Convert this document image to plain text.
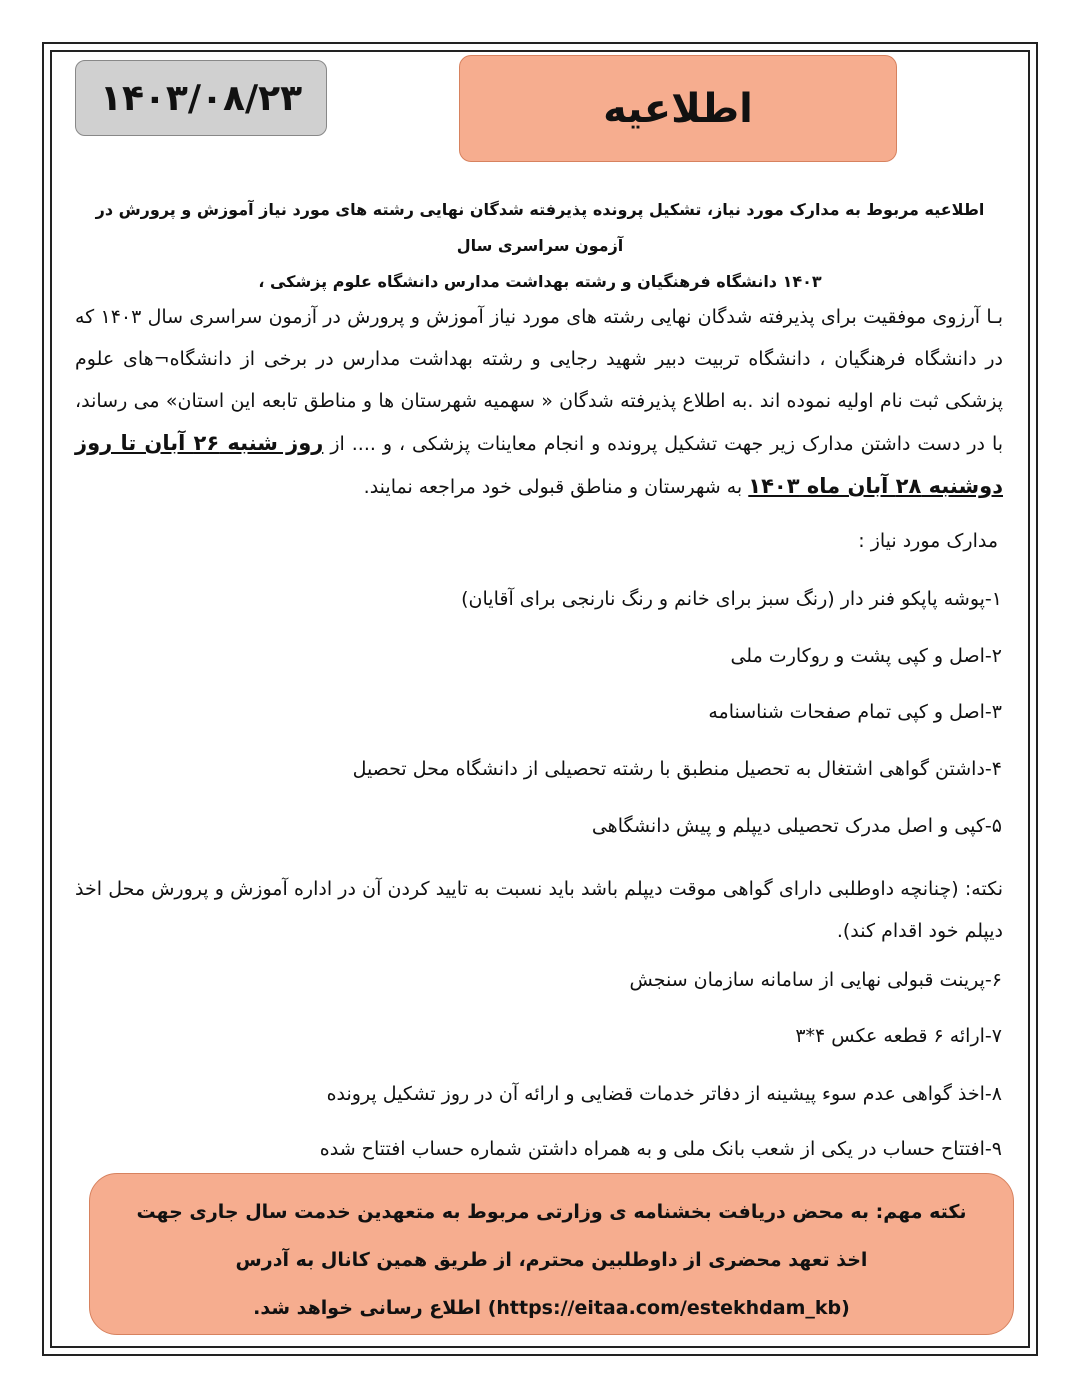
۱۴۰۳/۰۸/۲۳	اطلاعیه
اطلاعیه مربوط به مدارک مورد نیاز، تشکیل پرونده پذیرفته شدگان نهایی رشته های مورد نیاز آموزش و پرورش در آزمون سراسری سال
۱۴۰۳ دانشگاه فرهنگیان و رشته بهداشت مدارس دانشگاه علوم پزشکی ،
بـا آرزوی موفقیت برای پذیرفته شدگان نهایی رشته های مورد نیاز آموزش و پرورش در آزمون سراسری سال ۱۴۰۳ که در دانشگاه فرهنگیان ، دانشگاه تربیت دبیر شهید رجایی و رشته بهداشت مدارس در برخی از دانشگاه¬های علوم پزشکی ثبت نام اولیه نموده اند .به اطلاع پذیرفته شدگان « سهمیه شهرستان ها و مناطق تابعه این استان» می رساند، با در دست داشتن مدارک زیر جهت تشکیل پرونده و انجام معاینات پزشکی ، و .... از روز شنبه ۲۶ آبان تا روز دوشنبه ۲۸ آبان ماه ۱۴۰۳ به شهرستان و مناطق قبولی خود مراجعه نمایند.
مدارک مورد نیاز :
۱-پوشه پاپکو فنر دار (رنگ سبز برای خانم و رنگ نارنجی برای آقایان)
۲-اصل و کپی پشت و روکارت ملی
۳-اصل و کپی تمام صفحات شناسنامه
۴-داشتن گواهی اشتغال به تحصیل منطبق با رشته تحصیلی از دانشگاه محل تحصیل
۵-کپی و اصل مدرک تحصیلی دیپلم و پیش دانشگاهی
نکته: (چنانچه داوطلبی دارای گواهی موقت دیپلم باشد باید نسبت به تایید کردن آن در اداره آموزش و پرورش محل اخذ دیپلم خود اقدام کند).
۶-پرینت قبولی نهایی از سامانه سازمان سنجش
۷-ارائه ۶ قطعه عکس ۴*۳
۸-اخذ گواهی عدم سوء پیشینه از دفاتر خدمات قضایی و ارائه آن در روز تشکیل پرونده
۹-افتتاح حساب در یکی از شعب بانک ملی و به همراه داشتن شماره حساب افتتاح شده
نکته مهم: به محض دریافت بخشنامه ی وزارتی مربوط به متعهدین خدمت سال جاری جهت اخذ تعهد محضری از داوطلبین محترم، از طریق همین کانال به آدرس (https://eitaa.com/estekhdam_kb) اطلاع رسانی خواهد شد.
